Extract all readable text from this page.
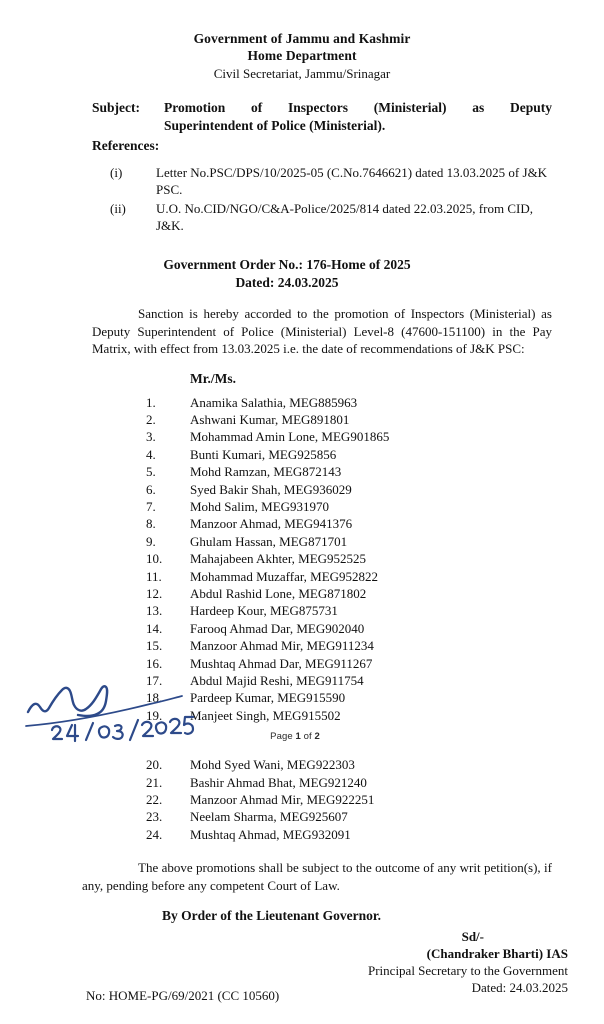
Government of Jammu and Kashmir
Home Department
Civil Secretariat, Jammu/Srinagar
Subject:	Promotion of Inspectors (Ministerial) as Deputy
Superintendent of Police (Ministerial).
References:
(i)	Letter No.PSC/DPS/10/2025-05 (C.No.7646621) dated 13.03.2025 of J&K PSC.
(ii)	U.O. No.CID/NGO/C&A-Police/2025/814 dated 22.03.2025, from CID, J&K.
Government Order No.: 176-Home of 2025
Dated: 24.03.2025
Sanction is hereby accorded to the promotion of Inspectors (Ministerial) as Deputy Superintendent of Police (Ministerial) Level-8 (47600-151100) in the Pay Matrix, with effect from 13.03.2025 i.e. the date of recommendations of J&K PSC:
Mr./Ms.
1.	Anamika Salathia, MEG885963
2.	Ashwani Kumar, MEG891801
3.	Mohammad Amin Lone, MEG901865
4.	Bunti Kumari, MEG925856
5.	Mohd Ramzan, MEG872143
6.	Syed Bakir Shah, MEG936029
7.	Mohd Salim, MEG931970
8.	Manzoor Ahmad, MEG941376
9.	Ghulam Hassan, MEG871701
10.	Mahajabeen Akhter, MEG952525
11.	Mohammad Muzaffar, MEG952822
12.	Abdul Rashid Lone, MEG871802
13.	Hardeep Kour, MEG875731
14.	Farooq Ahmad Dar, MEG902040
15.	Manzoor Ahmad Mir, MEG911234
16.	Mushtaq Ahmad Dar, MEG911267
17.	Abdul Majid Reshi, MEG911754
18.	Pardeep Kumar, MEG915590
19.	Manjeet Singh, MEG915502
Page 1 of 2
20.	Mohd Syed Wani, MEG922303
21.	Bashir Ahmad Bhat, MEG921240
22.	Manzoor Ahmad Mir, MEG922251
23.	Neelam Sharma, MEG925607
24.	Mushtaq Ahmad, MEG932091
The above promotions shall be subject to the outcome of any writ petition(s), if any, pending before any competent Court of Law.
By Order of the Lieutenant Governor.
Sd/-
(Chandraker Bharti) IAS
Principal Secretary to the Government
Dated: 24.03.2025
No: HOME-PG/69/2021 (CC 10560)
